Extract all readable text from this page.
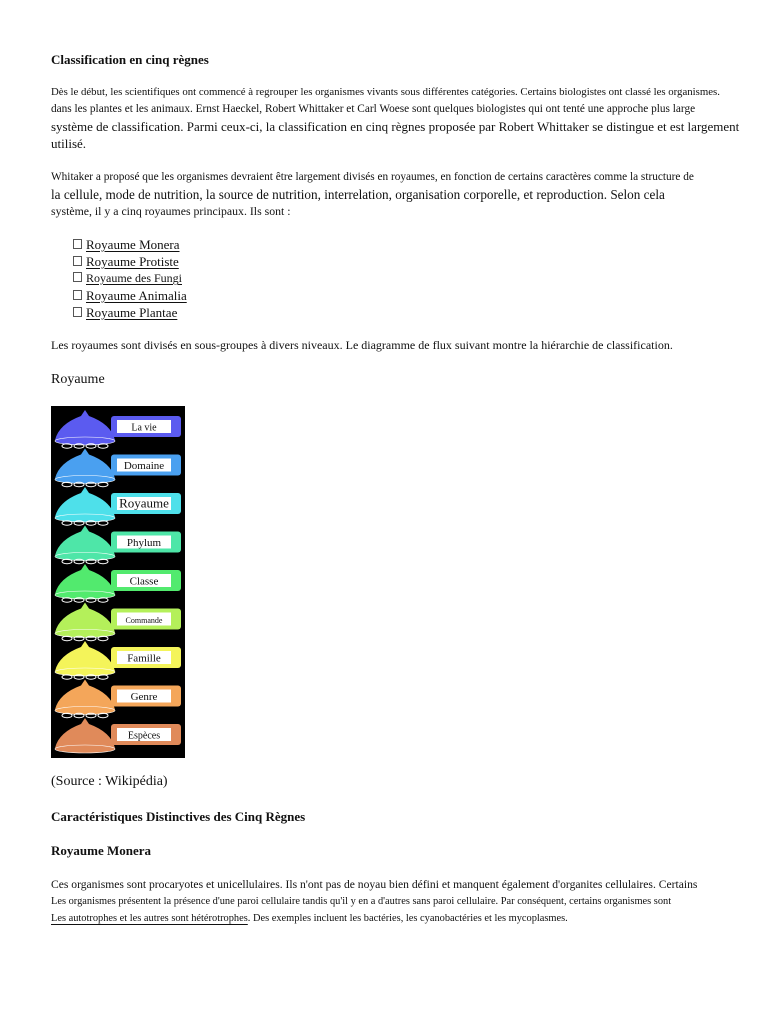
Classification en cinq règnes
Dès le début, les scientifiques ont commencé à regrouper les organismes vivants sous différentes catégories. Certains biologistes ont classé les organismes.
dans les plantes et les animaux. Ernst Haeckel, Robert Whittaker et Carl Woese sont quelques biologistes qui ont tenté une approche plus large
système de classification. Parmi ceux-ci, la classification en cinq règnes proposée par Robert Whittaker se distingue et est largement
utilisé.
Whitaker a proposé que les organismes devraient être largement divisés en royaumes, en fonction de certains caractères comme la structure de
la cellule, mode de nutrition, la source de nutrition, interrelation, organisation corporelle, et reproduction. Selon cela
système, il y a cinq royaumes principaux. Ils sont :
Royaume Monera
Royaume Protiste
Royaume des Fungi
Royaume Animalia
Royaume Plantae
Les royaumes sont divisés en sous-groupes à divers niveaux. Le diagramme de flux suivant montre la hiérarchie de classification.
Royaume
La vie
Domaine
Royaume
Phylum
Classe
Commande
Famille
Genre
Espèces
(Source : Wikipédia)
Caractéristiques Distinctives des Cinq Règnes
Royaume Monera
Ces organismes sont procaryotes et unicellulaires. Ils n'ont pas de noyau bien défini et manquent également d'organites cellulaires. Certains
Les organismes présentent la présence d'une paroi cellulaire tandis qu'il y en a d'autres sans paroi cellulaire. Par conséquent, certains organismes sont
Les autotrophes et les autres sont hétérotrophes. Des exemples incluent les bactéries, les cyanobactéries et les mycoplasmes.
